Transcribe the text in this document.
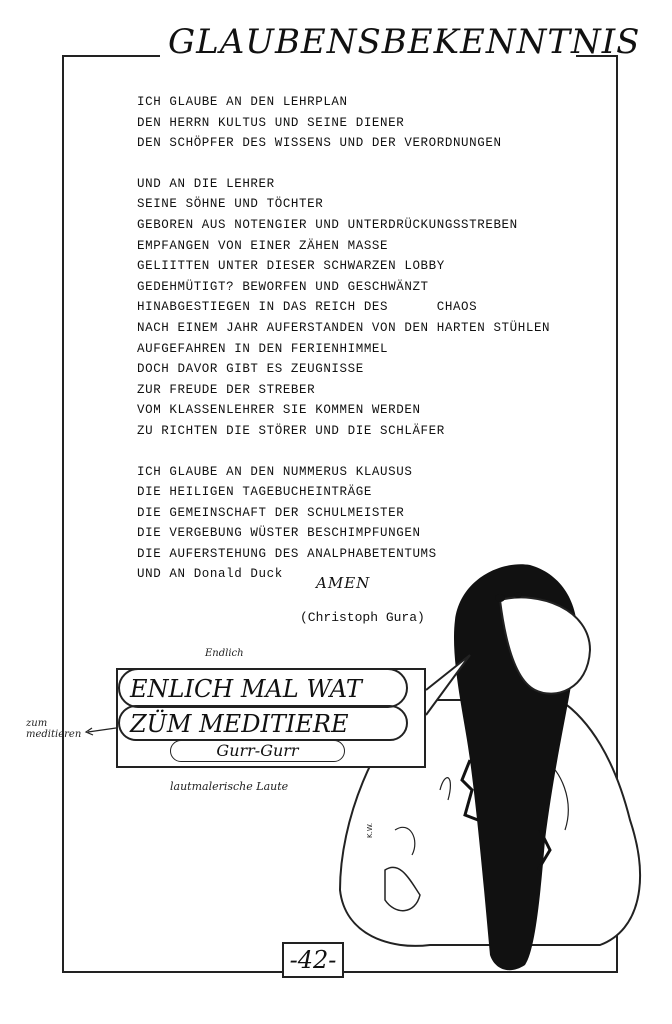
GLAUBENSBEKENNTNIS
ICH GLAUBE AN DEN LEHRPLAN
DEN HERRN KULTUS UND SEINE DIENER
DEN SCHÖPFER DES WISSENS UND DER VERORDNUNGEN
UND AN DIE LEHRER
SEINE SÖHNE UND TÖCHTER
GEBOREN AUS NOTENGIER UND UNTERDRÜCKUNGSSTREBEN
EMPFANGEN VON EINER ZÄHEN MASSE
GELIITTEN UNTER DIESER SCHWARZEN LOBBY
GEDEHMÜTIGT? BEWORFEN UND GESCHWÄNZT
HINABGESTIEGEN IN DAS REICH DES      CHAOS
NACH EINEM JAHR AUFERSTANDEN VON DEN HARTEN STÜHLEN
AUFGEFAHREN IN DEN FERIENHIMMEL
DOCH DAVOR GIBT ES ZEUGNISSE
ZUR FREUDE DER STREBER
VOM KLASSENLEHRER SIE KOMMEN WERDEN
ZU RICHTEN DIE STÖRER UND DIE SCHLÄFER
ICH GLAUBE AN DEN NUMMERUS KLAUSUS
DIE HEILIGEN TAGEBUCHEINTRÄGE
DIE GEMEINSCHAFT DER SCHULMEISTER
DIE VERGEBUNG WÜSTER BESCHIMPFUNGEN
DIE AUFERSTEHUNG DES ANALPHABETENTUMS
UND AN Donald Duck	AMEN
(Christoph Gura)
K.W.
ENLICH MAL WAT
ZÜM MEDITIERE
Gurr-Gurr
Endlich
zum meditieren
lautmalerische Laute
-42-
